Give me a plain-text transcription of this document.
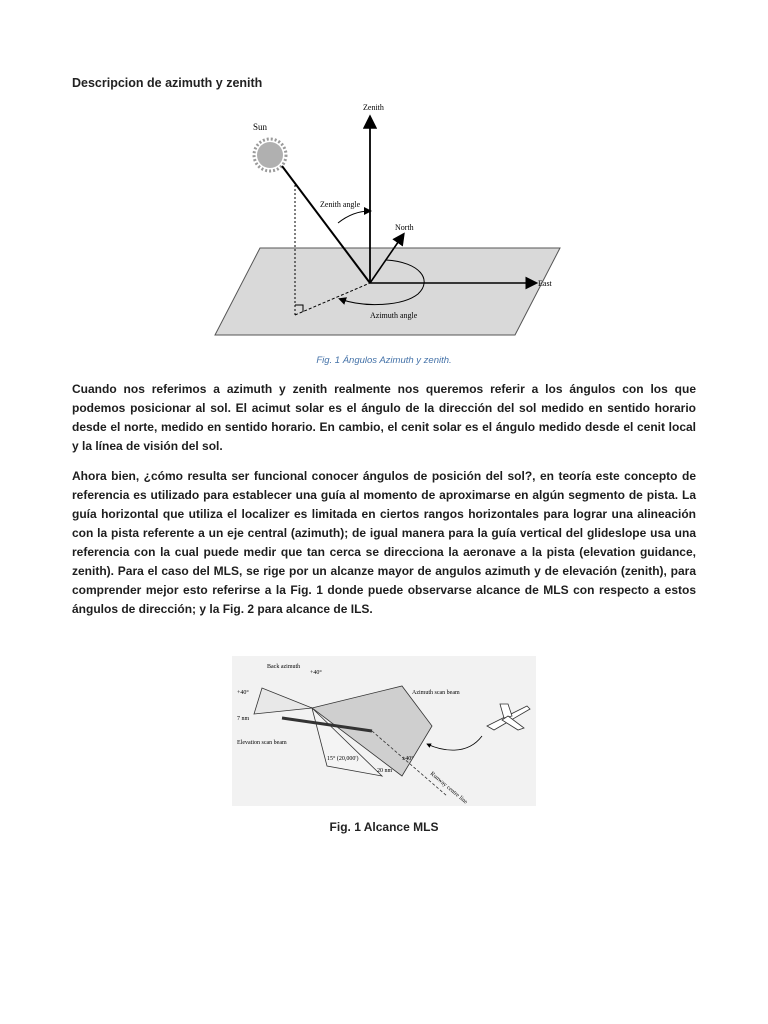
Descripcion de azimuth y zenith
Sun
Zenith
Zenith angle
North
East
Azimuth angle
Fig. 1 Ángulos Azimuth y zenith.

Cuando nos referimos a azimuth y zenith realmente nos queremos referir a los ángulos con los que podemos posicionar al sol. El acimut solar es el ángulo de la dirección del sol medido en sentido horario desde el norte, medido en sentido horario. En cambio, el cenit solar es el ángulo medido desde el cenit local y la línea de visión del sol.

Ahora bien, ¿cómo resulta ser funcional conocer ángulos de posición del sol?, en teoría este concepto de referencia es utilizado para establecer una guía al momento de aproximarse en algún segmento de pista. La guía horizontal que utiliza el localizer es limitada en ciertos rangos horizontales para lograr una alineación con la pista referente a un eje central (azimuth); de igual manera para la guía vertical del glideslope usa una referencia con la cual puede medir que tan cerca se direcciona la aeronave a la pista (elevation guidance, zenith). Para el caso del MLS, se rige por un alcanze mayor de angulos azimuth y de elevación (zenith), para comprender mejor esto referirse a la Fig. 1 donde puede observarse alcance de MLS con respecto a estos ángulos de dirección; y la Fig. 2 para alcance de ILS.

Back azimuth
+40°
+40°
7 nm
Azimuth scan beam
Elevation scan beam
15° (20,000')
20 nm
±40°
Runway centre line
Fig. 1 Alcance MLS
